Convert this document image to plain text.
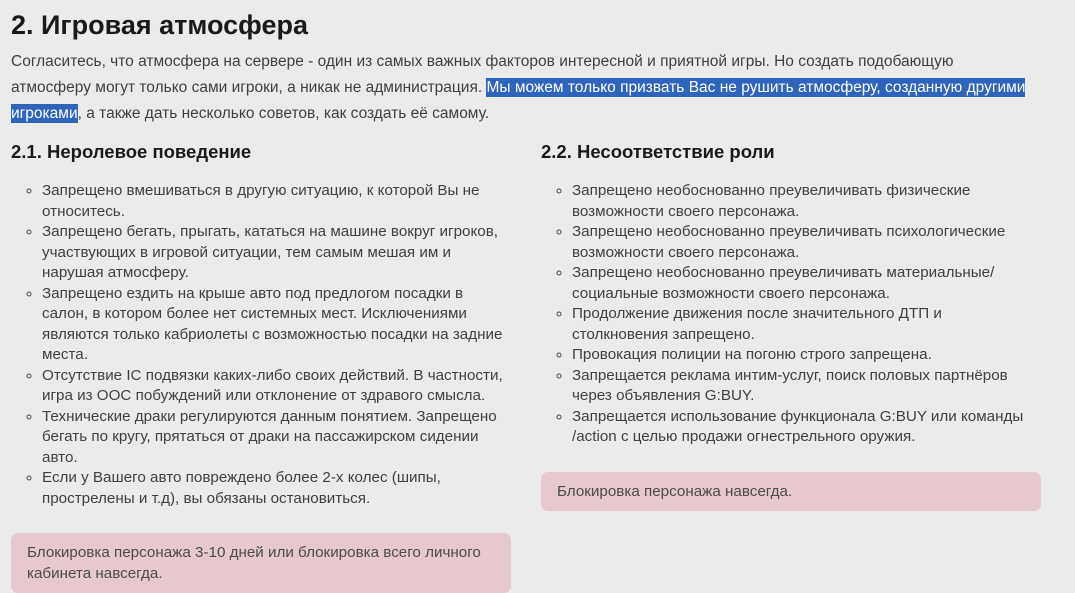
2. Игровая атмосфера

Согласитесь, что атмосфера на сервере - один из самых важных факторов интересной и приятной игры. Но создать подобающую атмосферу могут только сами игроки, а никак не администрация. Мы можем только призвать Вас не рушить атмосферу, созданную другими игроками, а также дать несколько советов, как создать её самому.

2.1. Неролевое поведение
◦ Запрещено вмешиваться в другую ситуацию, к которой Вы не относитесь.
◦ Запрещено бегать, прыгать, кататься на машине вокруг игроков, участвующих в игровой ситуации, тем самым мешая им и нарушая атмосферу.
◦ Запрещено ездить на крыше авто под предлогом посадки в салон, в котором более нет системных мест. Исключениями являются только кабриолеты с возможностью посадки на задние места.
◦ Отсутствие IC подвязки каких-либо своих действий. В частности, игра из OOC побуждений или отклонение от здравого смысла.
◦ Технические драки регулируются данным понятием. Запрещено бегать по кругу, прятаться от драки на пассажирском сидении авто.
◦ Если у Вашего авто повреждено более 2-х колес (шипы, прострелены и т.д), вы обязаны остановиться.
Блокировка персонажа 3-10 дней или блокировка всего личного кабинета навсегда.
2.2. Несоответствие роли
◦ Запрещено необоснованно преувеличивать физические возможности своего персонажа.
◦ Запрещено необоснованно преувеличивать психологические возможности своего персонажа.
◦ Запрещено необоснованно преувеличивать материальные/социальные возможности своего персонажа.
◦ Продолжение движения после значительного ДТП и столкновения запрещено.
◦ Провокация полиции на погоню строго запрещена.
◦ Запрещается реклама интим-услуг, поиск половых партнёров через объявления G:BUY.
◦ Запрещается использование функционала G:BUY или команды /action с целью продажи огнестрельного оружия.
Блокировка персонажа навсегда.
